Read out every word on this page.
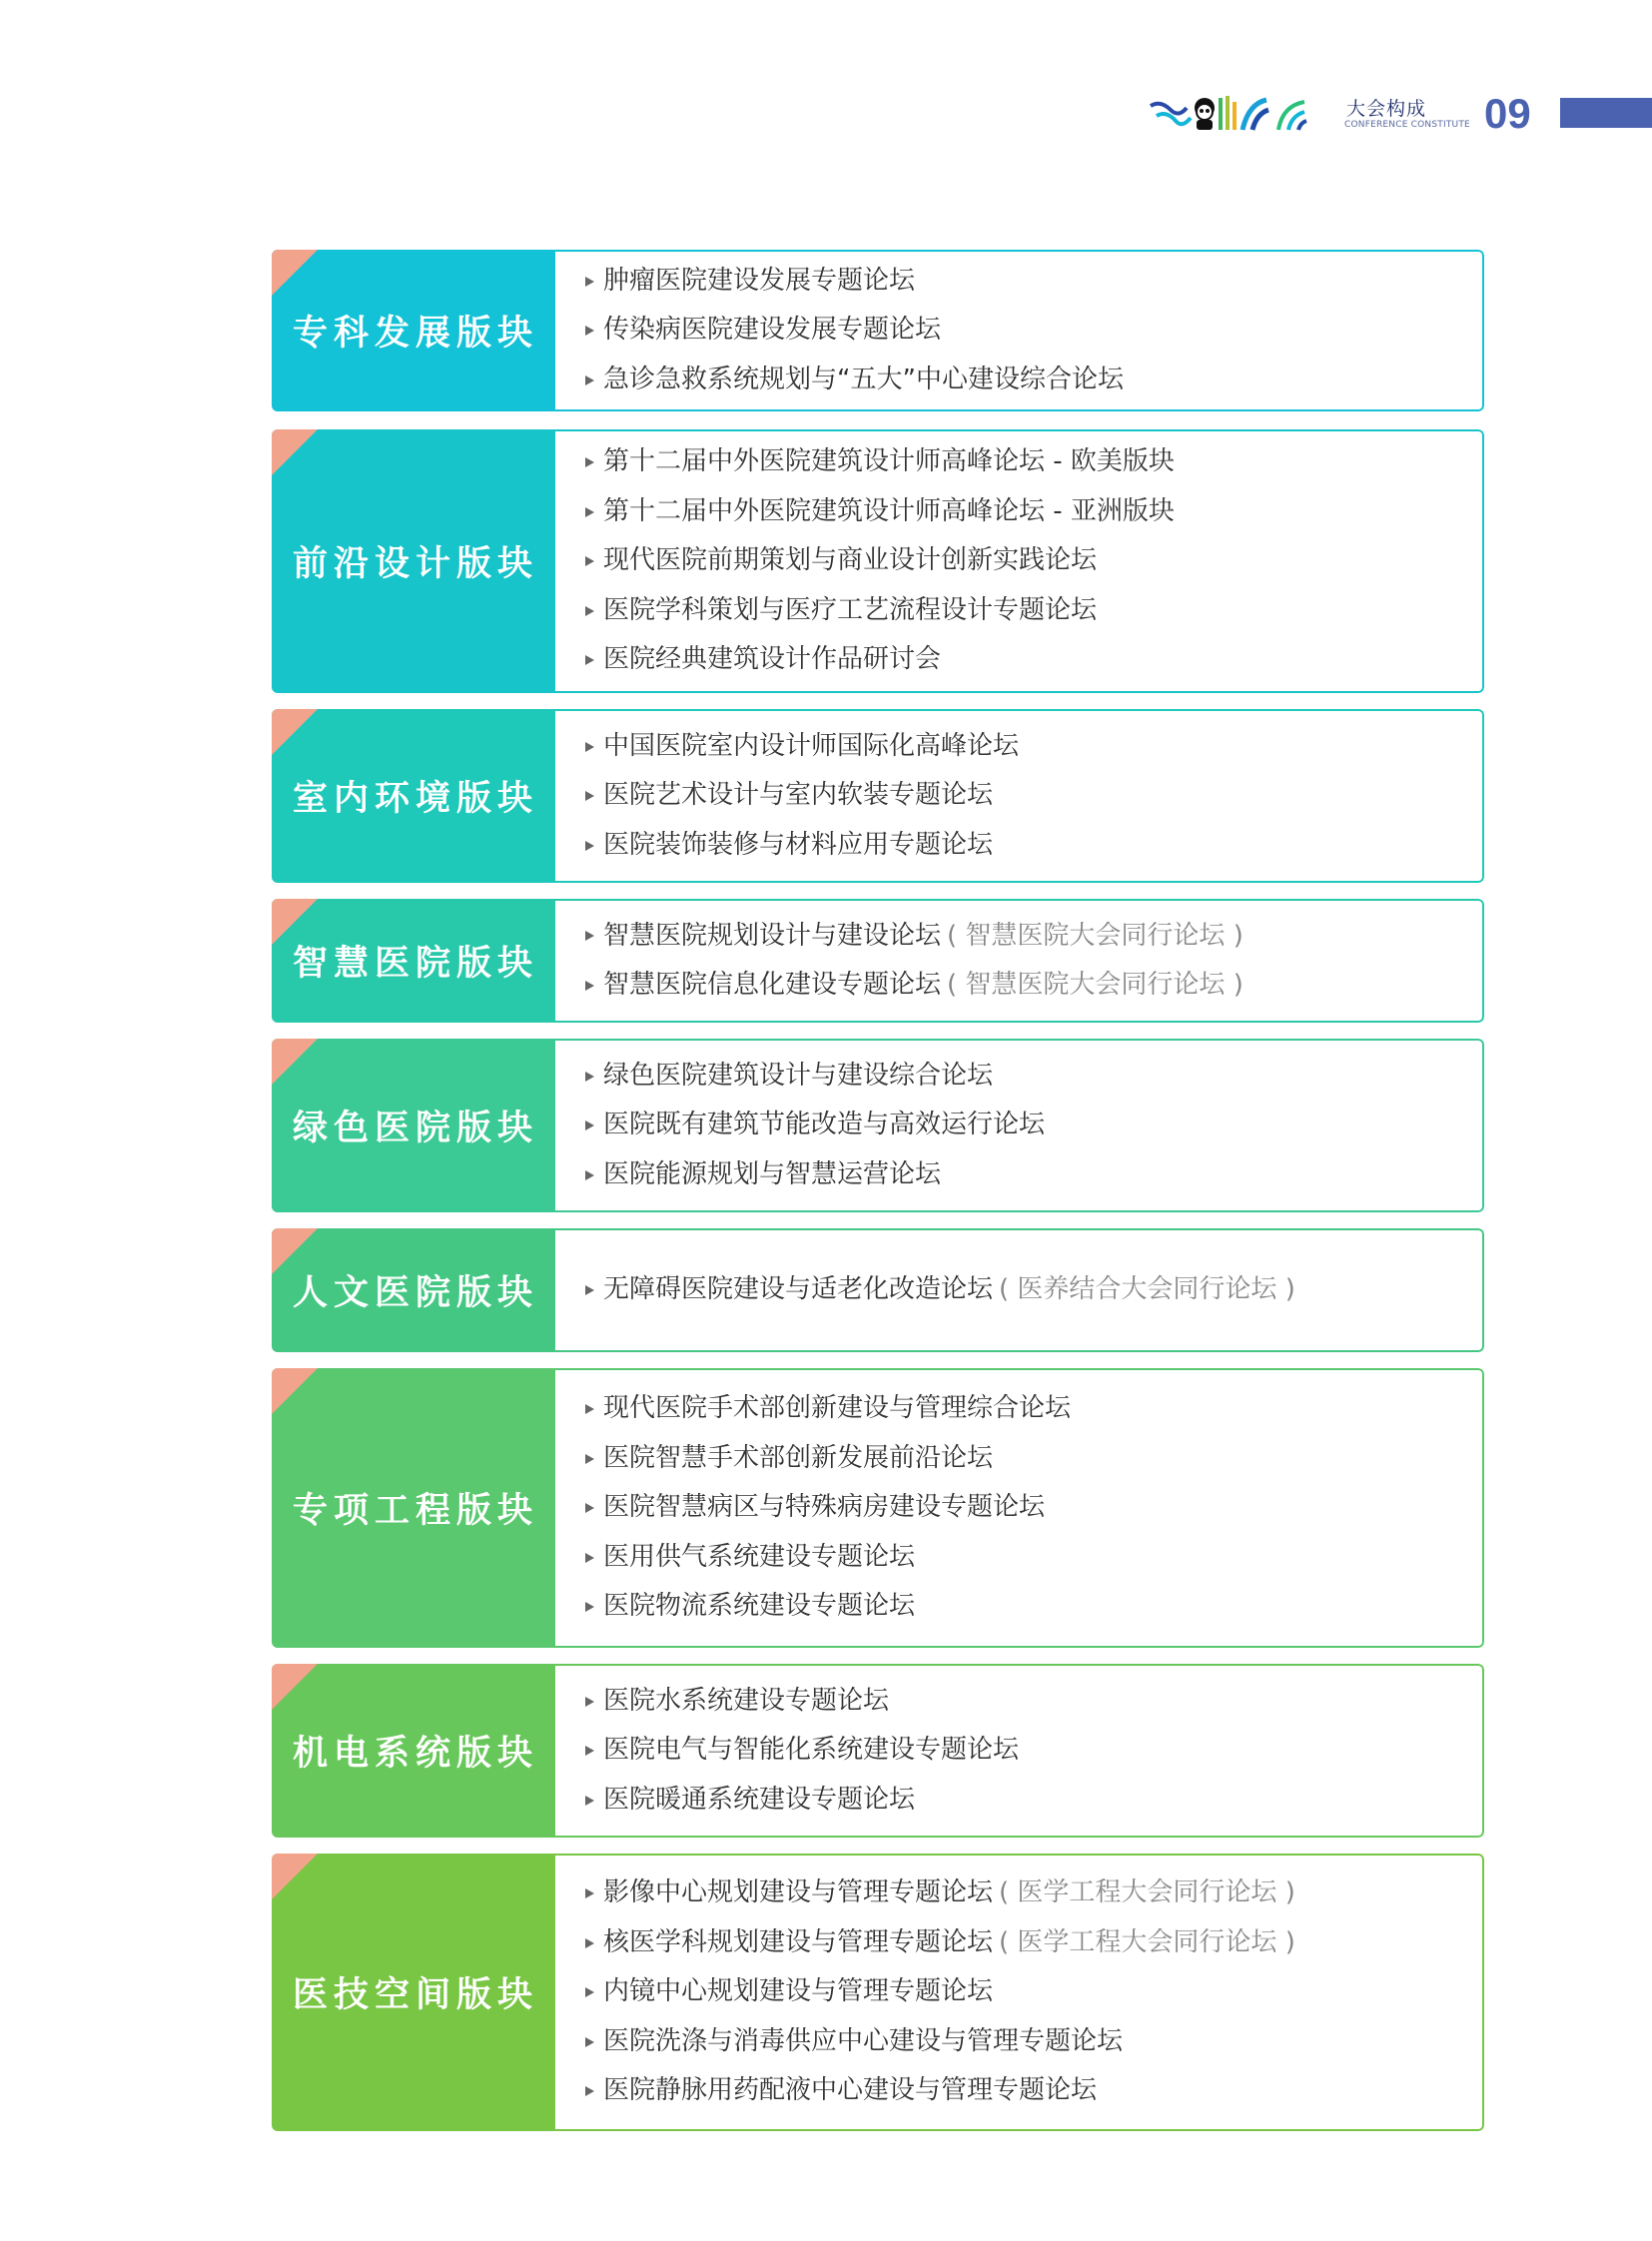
大会构成
CONFERENCE CONSTITUTE 09
专科发展版块
肿瘤医院建设发展专题论坛
传染病医院建设发展专题论坛
急诊急救系统规划与“五大”中心建设综合论坛
前沿设计版块
第十二届中外医院建筑设计师高峰论坛 - 欧美版块
第十二届中外医院建筑设计师高峰论坛 - 亚洲版块
现代医院前期策划与商业设计创新实践论坛
医院学科策划与医疗工艺流程设计专题论坛
医院经典建筑设计作品研讨会
室内环境版块
中国医院室内设计师国际化高峰论坛
医院艺术设计与室内软装专题论坛
医院装饰装修与材料应用专题论坛
智慧医院版块
智慧医院规划设计与建设论坛 ( 智慧医院大会同行论坛 )
智慧医院信息化建设专题论坛 ( 智慧医院大会同行论坛 )
绿色医院版块
绿色医院建筑设计与建设综合论坛
医院既有建筑节能改造与高效运行论坛
医院能源规划与智慧运营论坛
人文医院版块	无障碍医院建设与适老化改造论坛 ( 医养结合大会同行论坛 )
专项工程版块
现代医院手术部创新建设与管理综合论坛
医院智慧手术部创新发展前沿论坛
医院智慧病区与特殊病房建设专题论坛
医用供气系统建设专题论坛
医院物流系统建设专题论坛
机电系统版块
医院水系统建设专题论坛
医院电气与智能化系统建设专题论坛
医院暖通系统建设专题论坛
医技空间版块
影像中心规划建设与管理专题论坛 ( 医学工程大会同行论坛 )
核医学科规划建设与管理专题论坛 ( 医学工程大会同行论坛 )
内镜中心规划建设与管理专题论坛
医院洗涤与消毒供应中心建设与管理专题论坛
医院静脉用药配液中心建设与管理专题论坛
